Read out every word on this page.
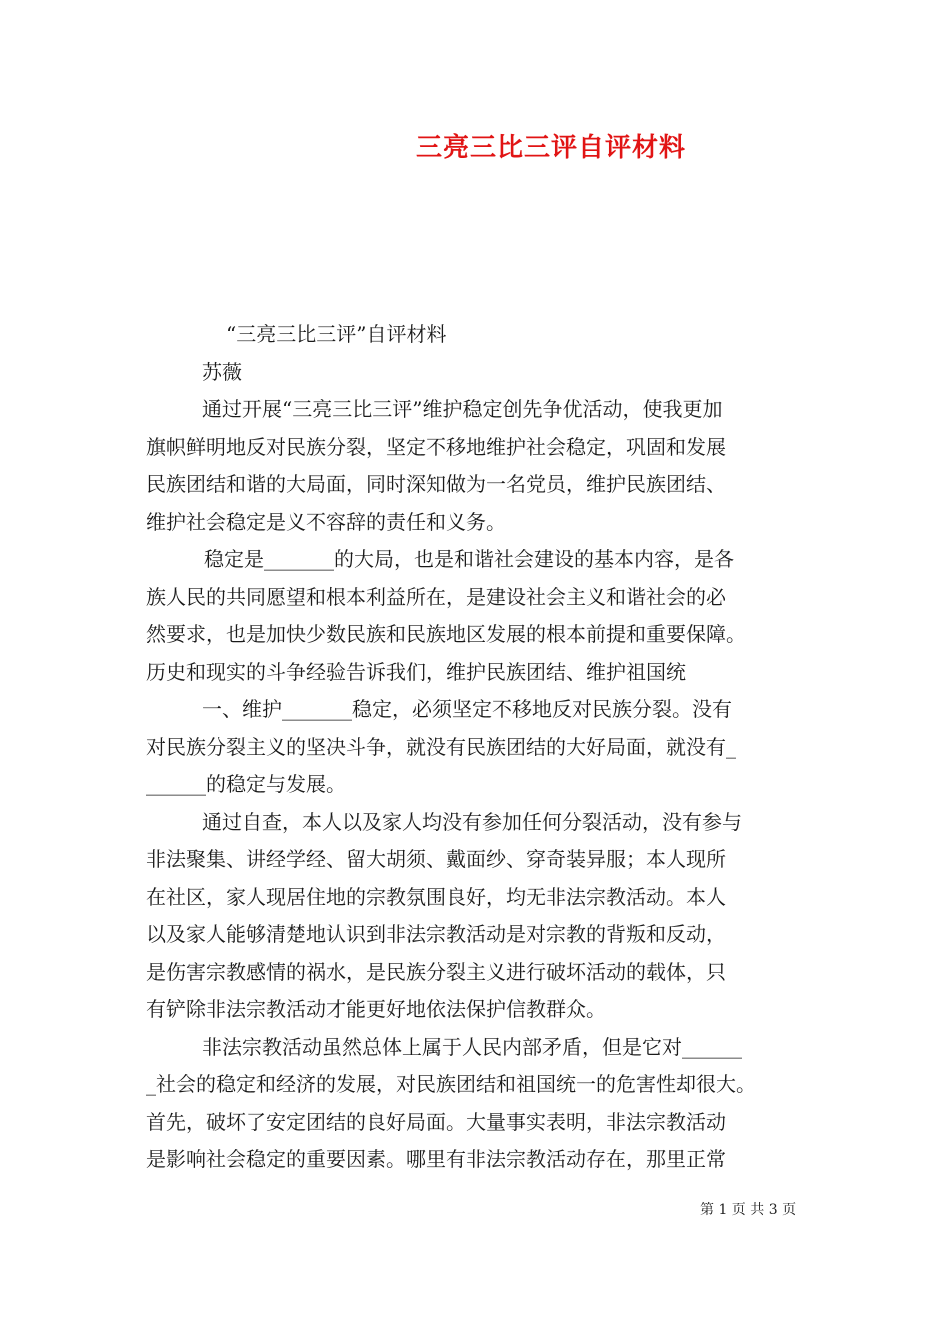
三亮三比三评自评材料
“三亮三比三评”自评材料
苏薇
通过开展“三亮三比三评”维护稳定创先争优活动，使我更加
旗帜鲜明地反对民族分裂，坚定不移地维护社会稳定，巩固和发展
民族团结和谐的大局面，同时深知做为一名党员，维护民族团结、
维护社会稳定是义不容辞的责任和义务。
稳定是_______的大局，也是和谐社会建设的基本内容，是各
族人民的共同愿望和根本利益所在，是建设社会主义和谐社会的必
然要求，也是加快少数民族和民族地区发展的根本前提和重要保障。
历史和现实的斗争经验告诉我们，维护民族团结、维护祖国统
一、维护_______稳定，必须坚定不移地反对民族分裂。没有
对民族分裂主义的坚决斗争，就没有民族团结的大好局面，就没有_
______的稳定与发展。
通过自查，本人以及家人均没有参加任何分裂活动，没有参与
非法聚集、讲经学经、留大胡须、戴面纱、穿奇装异服；本人现所
在社区，家人现居住地的宗教氛围良好，均无非法宗教活动。本人
以及家人能够清楚地认识到非法宗教活动是对宗教的背叛和反动，
是伤害宗教感情的祸水，是民族分裂主义进行破坏活动的载体，只
有铲除非法宗教活动才能更好地依法保护信教群众。
非法宗教活动虽然总体上属于人民内部矛盾，但是它对______
_社会的稳定和经济的发展，对民族团结和祖国统一的危害性却很大。
首先，破坏了安定团结的良好局面。大量事实表明，非法宗教活动
是影响社会稳定的重要因素。哪里有非法宗教活动存在，那里正常
第 1 页 共 3 页
